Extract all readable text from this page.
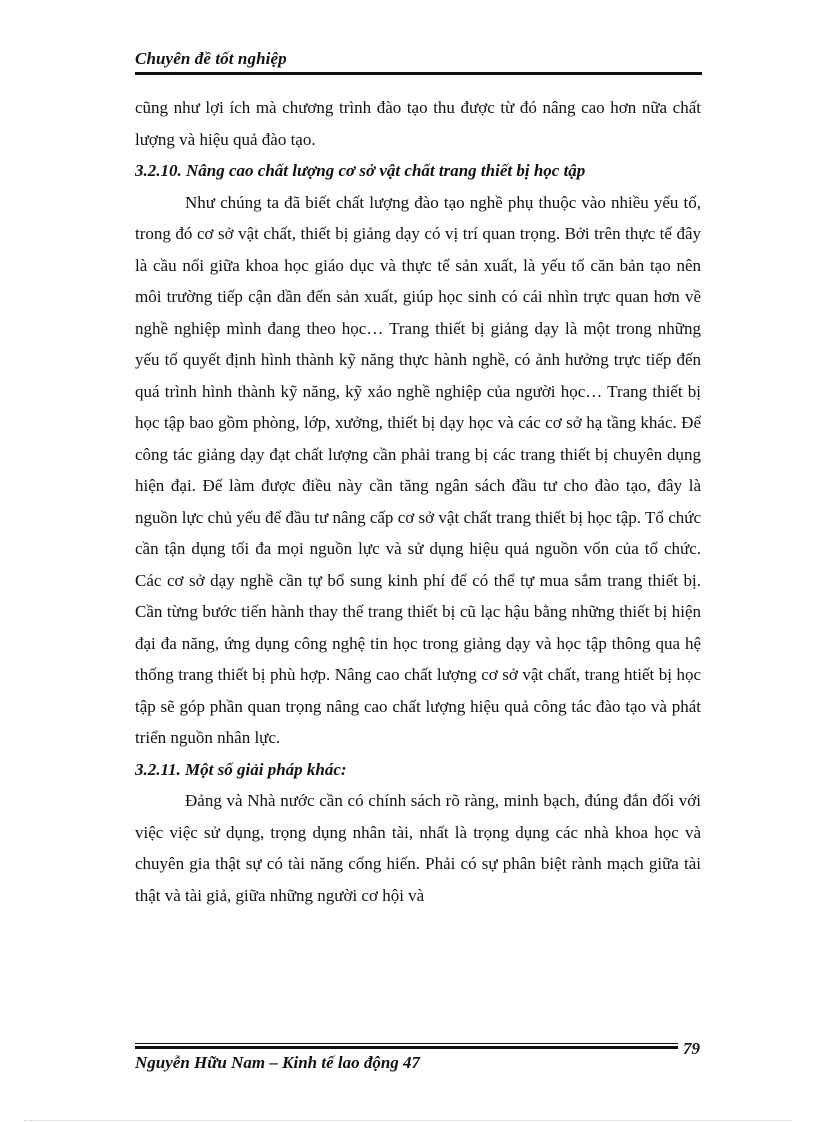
Chuyên đề tốt nghiệp

cũng như lợi ích mà chương trình đào tạo thu được từ đó nâng cao hơn nữa chất lượng và hiệu quả đào tạo.

3.2.10. Nâng cao chất lượng cơ sở vật chất trang thiết bị học tập

Như chúng ta đã biết chất lượng đào tạo nghề phụ thuộc vào nhiều yếu tố, trong đó cơ sở vật chất, thiết bị giảng dạy có vị trí quan trọng. Bởi trên thực tế đây là cầu nối giữa khoa học giáo dục và thực tế sản xuất, là yếu tố căn bản tạo nên môi trường tiếp cận dần đến sản xuất, giúp học sinh có cái nhìn trực quan hơn về nghề nghiệp mình đang theo học… Trang thiết bị giảng dạy là một trong những yếu tố quyết định hình thành kỹ năng thực hành nghề, có ảnh hưởng trực tiếp đến quá trình hình thành kỹ năng, kỹ xảo nghề nghiệp của người học… Trang thiết bị học tập bao gồm phòng, lớp, xưởng, thiết bị dạy học và các cơ sở hạ tầng khác. Để công tác giảng dạy đạt chất lượng cần phải trang bị các trang thiết bị chuyên dụng hiện đại. Để làm được điều này cần tăng ngân sách đầu tư cho đào tạo, đây là nguồn lực chủ yếu để đầu tư nâng cấp cơ sở vật chất trang thiết bị học tập. Tổ chức cần tận dụng tối đa mọi nguồn lực và sử dụng hiệu quả nguồn vốn của tổ chức. Các cơ sở dạy nghề cần tự bổ sung kinh phí để có thể tự mua sắm trang thiết bị. Cần từng bước tiến hành thay thế trang thiết bị cũ lạc hậu bằng những thiết bị hiện đại đa năng, ứng dụng công nghệ tin học trong giảng dạy và học tập thông qua hệ thống trang thiết bị phù hợp. Nâng cao chất lượng cơ sở vật chất, trang htiết bị học tập sẽ góp phần quan trọng nâng cao chất lượng hiệu quả công tác đào tạo và phát triển nguồn nhân lực.

3.2.11. Một số giải pháp khác:

Đảng và Nhà nước cần có chính sách rõ ràng, minh bạch, đúng đắn đối với việc việc sử dụng, trọng dụng nhân tài, nhất là trọng dụng các nhà khoa học và chuyên gia thật sự có tài năng cống hiến. Phải có sự phân biệt rành mạch giữa tài thật và tài giả, giữa những người cơ hội và

Nguyễn Hữu Nam – Kinh tế lao động 47
79
